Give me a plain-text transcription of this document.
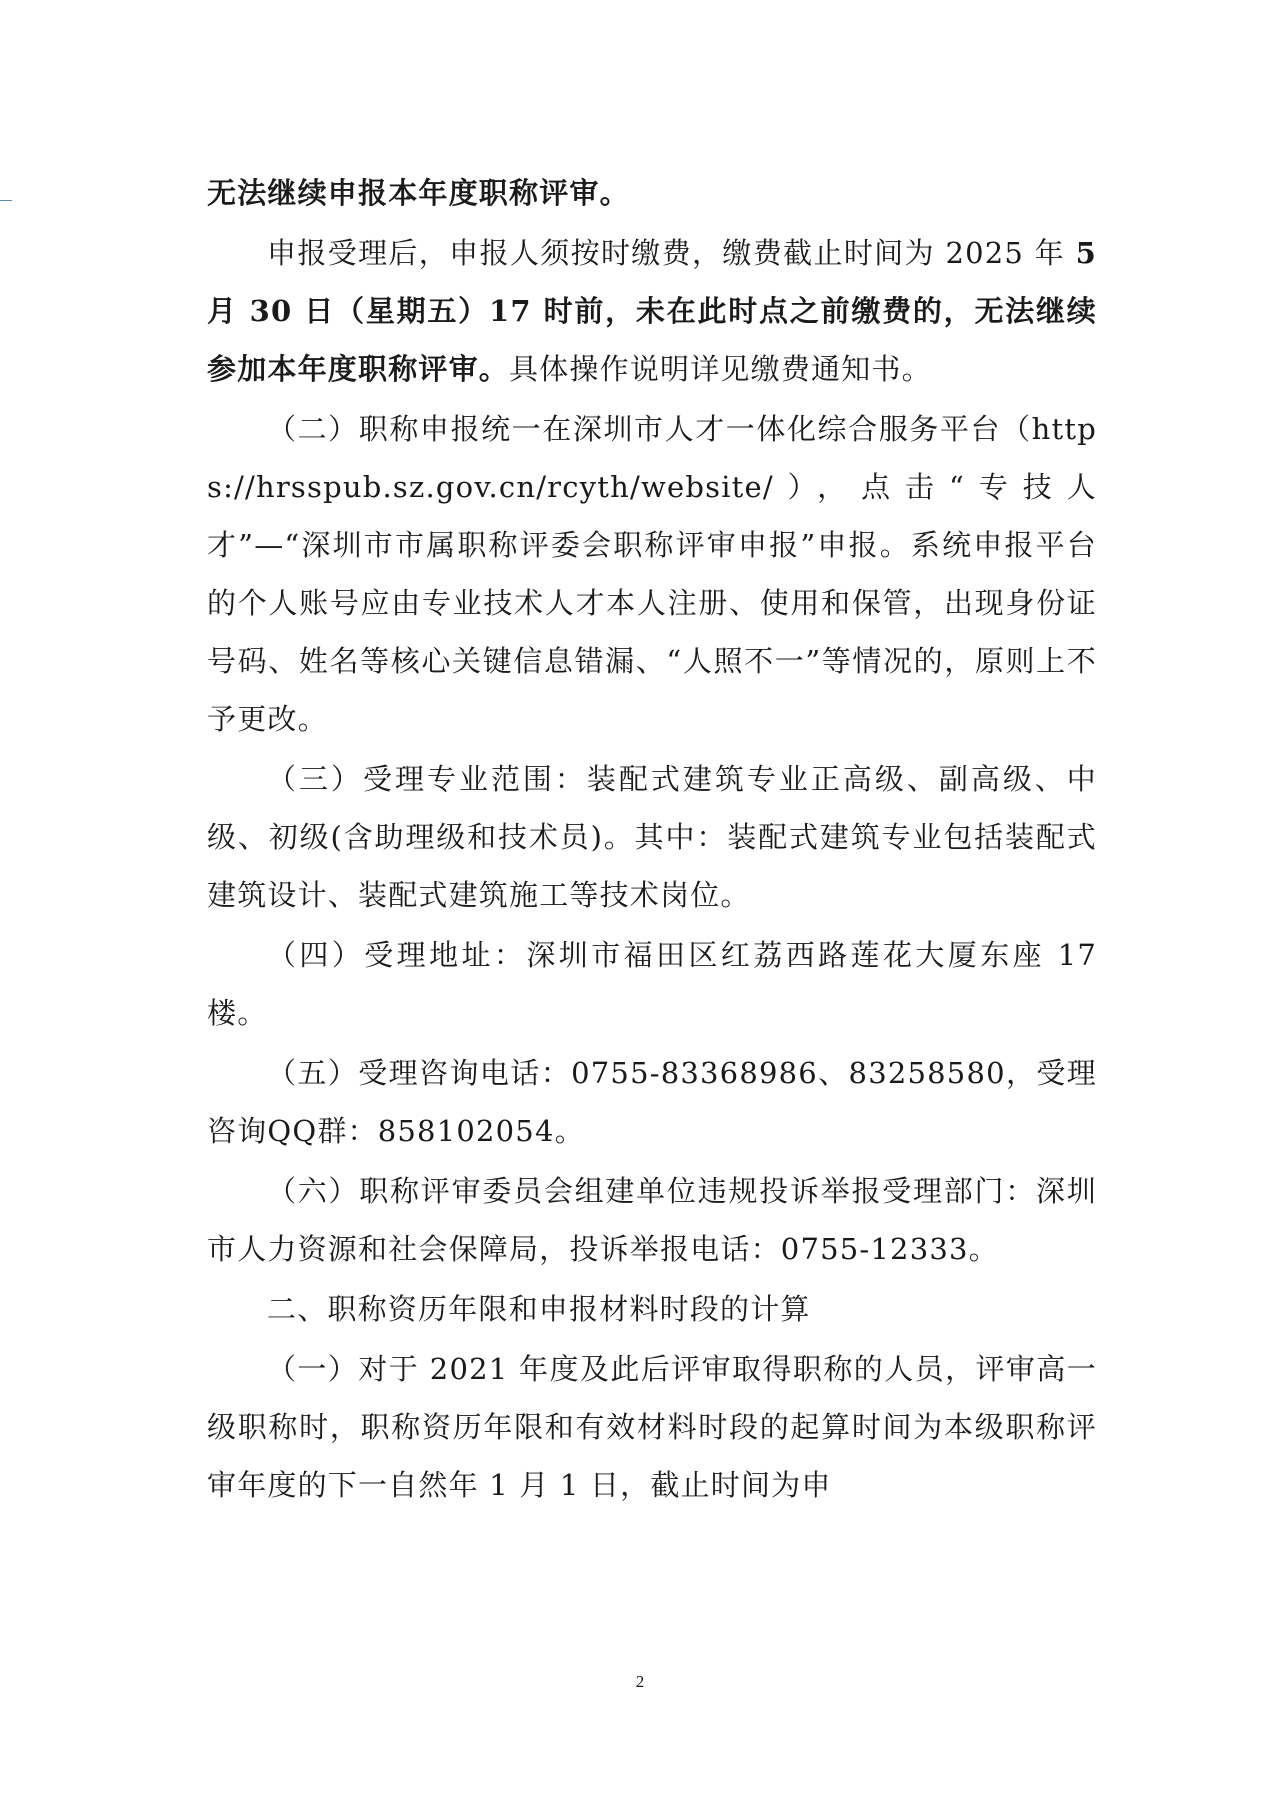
无法继续申报本年度职称评审。

申报受理后，申报人须按时缴费，缴费截止时间为 2025 年 5 月 30 日（星期五）17 时前，未在此时点之前缴费的，无法继续参加本年度职称评审。具体操作说明详见缴费通知书。

（二）职称申报统一在深圳市人才一体化综合服务平台（https://hrsspub.sz.gov.cn/rcyth/website/），点击“专技人才”—“深圳市市属职称评委会职称评审申报”申报。系统申报平台的个人账号应由专业技术人才本人注册、使用和保管，出现身份证号码、姓名等核心关键信息错漏、“人照不一”等情况的，原则上不予更改。

（三）受理专业范围：装配式建筑专业正高级、副高级、中级、初级(含助理级和技术员)。其中：装配式建筑专业包括装配式建筑设计、装配式建筑施工等技术岗位。

（四）受理地址：深圳市福田区红荔西路莲花大厦东座 17 楼。

（五）受理咨询电话：0755-83368986、83258580，受理咨询QQ群：858102054。

（六）职称评审委员会组建单位违规投诉举报受理部门：深圳市人力资源和社会保障局，投诉举报电话：0755-12333。

二、职称资历年限和申报材料时段的计算

（一）对于 2021 年度及此后评审取得职称的人员，评审高一级职称时，职称资历年限和有效材料时段的起算时间为本级职称评审年度的下一自然年 1 月 1 日，截止时间为申

2
